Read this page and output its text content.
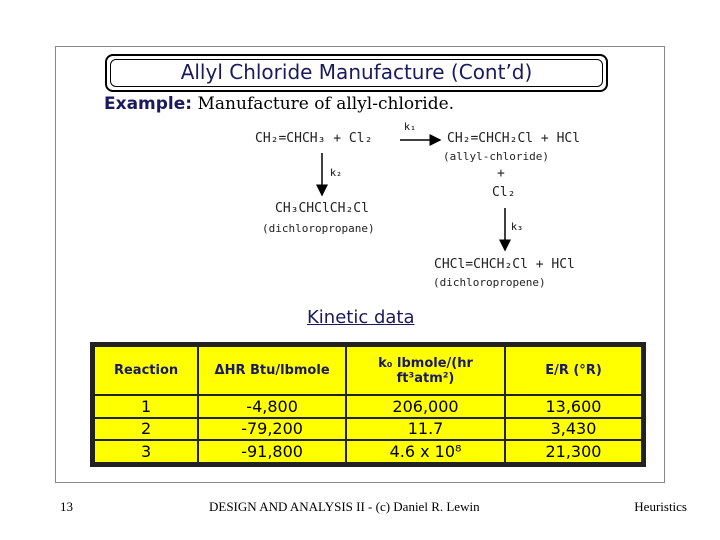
Allyl Chloride Manufacture (Cont’d)
Example: Manufacture of allyl-chloride.
CH₂=CHCH₃ + Cl₂
k₁
CH₂=CHCH₂Cl + HCl
(allyl-chloride)
+
Cl₂
k₂
k₃
CH₃CHClCH₂Cl
(dichloropropane)
CHCl=CHCH₂Cl + HCl
(dichloropropene)
Kinetic data
Reaction	ΔHR Btu/lbmole	k₀ lbmole/(hr ft³atm²)	E/R (°R)
1	-4,800	206,000	13,600
2	-79,200	11.7	3,430
3	-91,800	4.6 x 10⁸	21,300
13	DESIGN AND ANALYSIS II - (c) Daniel R. Lewin	Heuristics
